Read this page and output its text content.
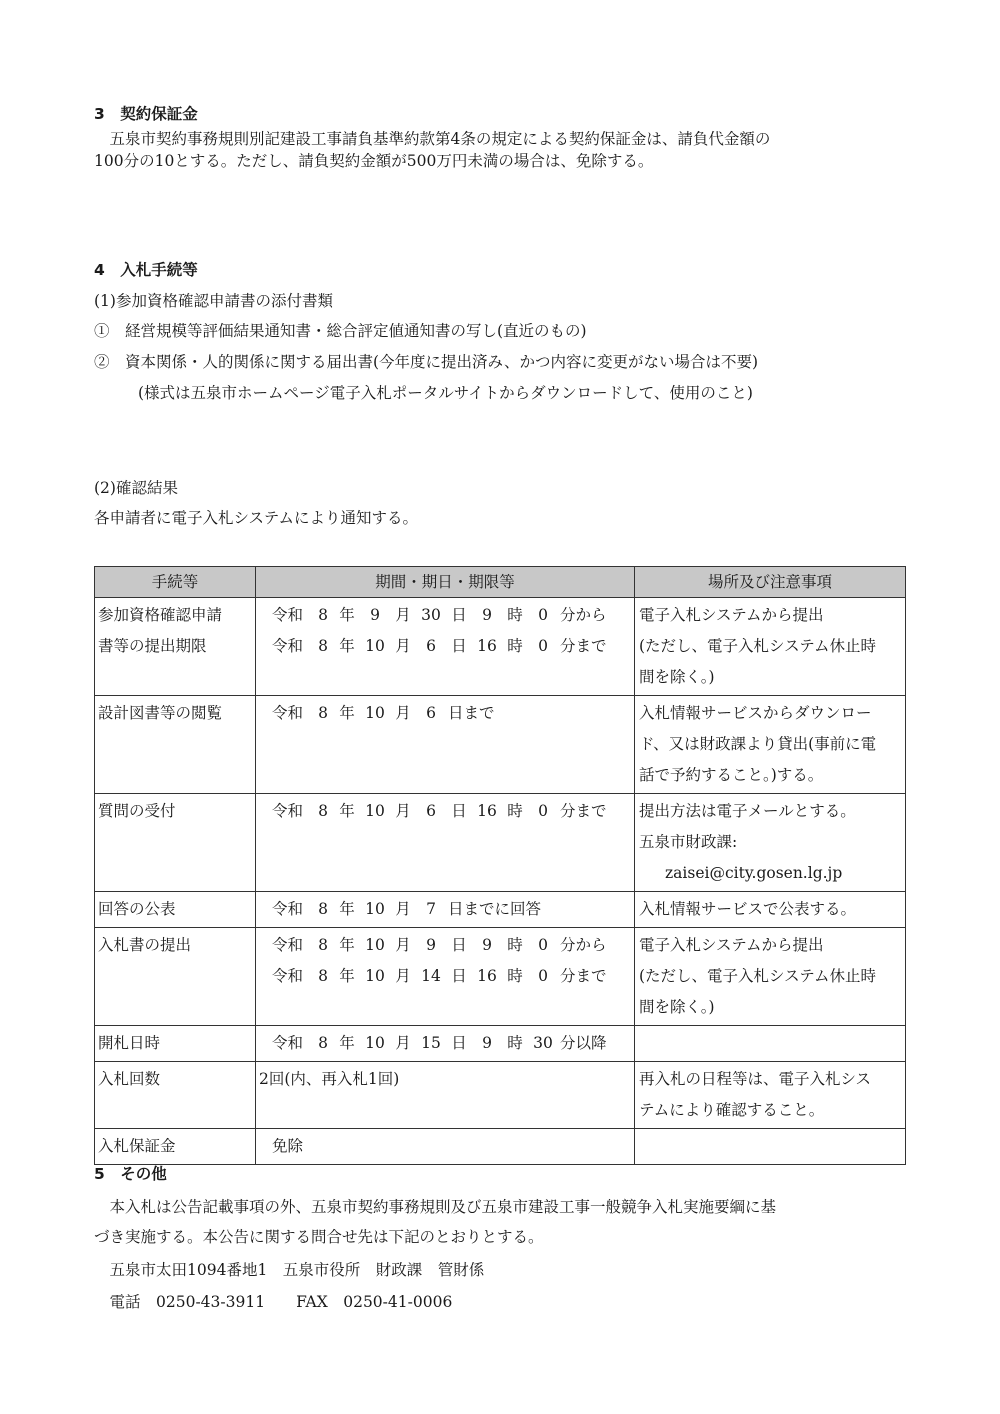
3　契約保証金
　五泉市契約事務規則別記建設工事請負基準約款第4条の規定による契約保証金は、請負代金額の
100分の10とする。ただし、請負契約金額が500万円未満の場合は、免除する。
4　入札手続等
(1)参加資格確認申請書の添付書類
①　経営規模等評価結果通知書・総合評定値通知書の写し(直近のもの)
②　資本関係・人的関係に関する届出書(今年度に提出済み、かつ内容に変更がない場合は不要)
(様式は五泉市ホームページ電子入札ポータルサイトからダウンロードして、使用のこと)
(2)確認結果
各申請者に電子入札システムにより通知する。
手続等	期間・期日・期限等	場所及び注意事項

参加資格確認申請
書等の提出期限	令和 8 年 9 月 30 日 9 時 0 分から
令和 8 年 10 月 6 日 16 時 0 分まで	電子入札システムから提出
(ただし、電子入札システム休止時
間を除く。)

設計図書等の閲覧	令和 8 年 10 月 6 日まで	入札情報サービスからダウンロー
ド、又は財政課より貸出(事前に電
話で予約すること。)する。

質問の受付	令和 8 年 10 月 6 日 16 時 0 分まで	提出方法は電子メールとする。
五泉市財政課:
zaisei@city.gosen.lg.jp

回答の公表	令和 8 年 10 月 7 日までに回答	入札情報サービスで公表する。

入札書の提出	令和 8 年 10 月 9 日 9 時 0 分から
令和 8 年 10 月 14 日 16 時 0 分まで	電子入札システムから提出
(ただし、電子入札システム休止時
間を除く。)

開札日時	令和 8 年 10 月 15 日 9 時 30 分以降	

入札回数	2回(内、再入札1回)	再入札の日程等は、電子入札シス
テムにより確認すること。

入札保証金	免除	

5　その他
　本入札は公告記載事項の外、五泉市契約事務規則及び五泉市建設工事一般競争入札実施要綱に基
づき実施する。本公告に関する問合せ先は下記のとおりとする。
　五泉市太田1094番地1　五泉市役所　財政課　管財係
　電話　0250-43-3911　　FAX　0250-41-0006
